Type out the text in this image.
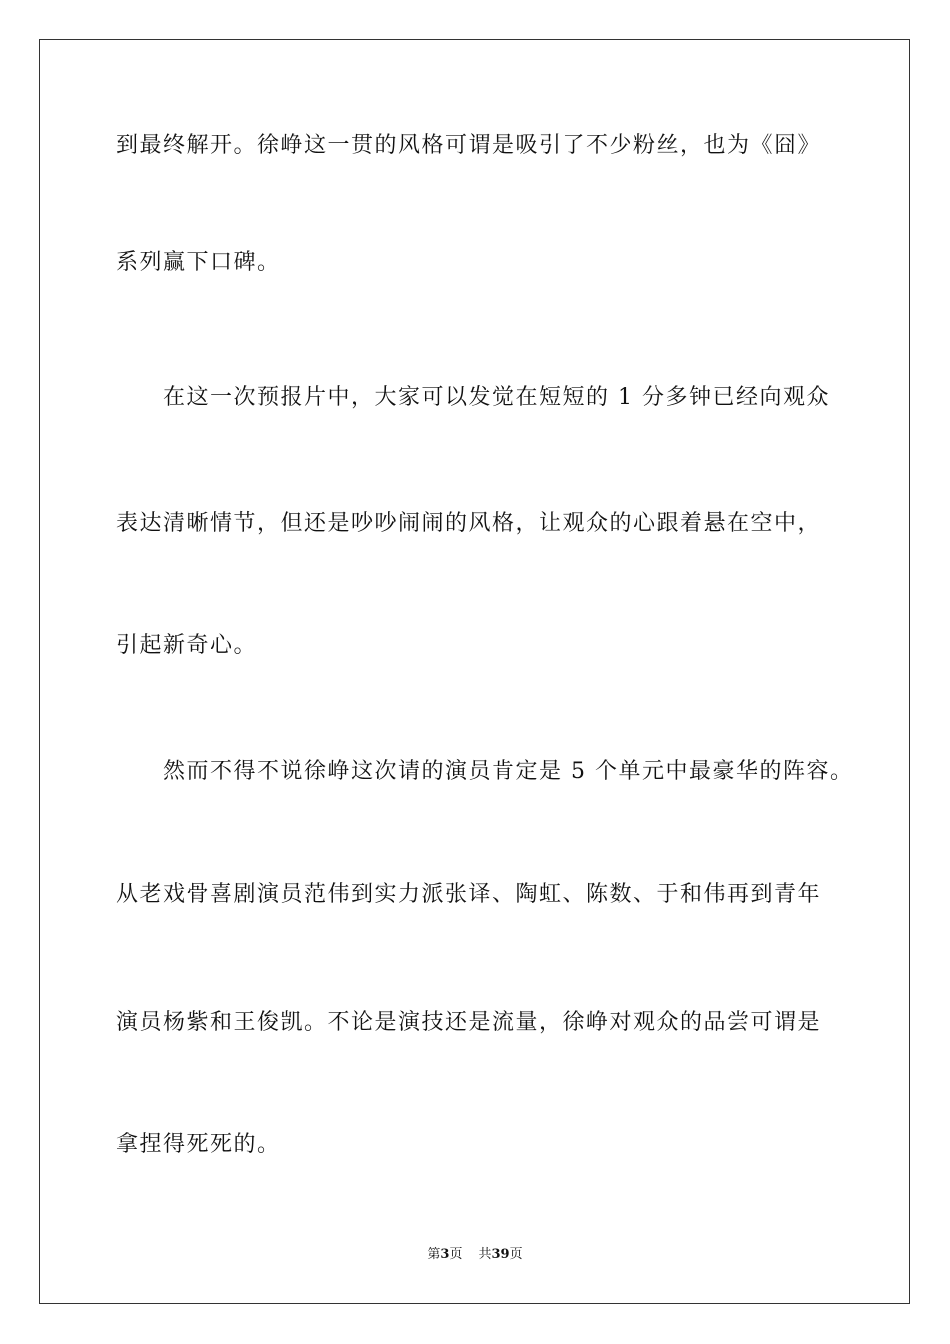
到最终解开。徐峥这一贯的风格可谓是吸引了不少粉丝，也为《囧》
系列赢下口碑。
　　在这一次预报片中，大家可以发觉在短短的 1 分多钟已经向观众
表达清晰情节，但还是吵吵闹闹的风格，让观众的心跟着悬在空中，
引起新奇心。
　　然而不得不说徐峥这次请的演员肯定是 5 个单元中最豪华的阵容。
从老戏骨喜剧演员范伟到实力派张译、陶虹、陈数、于和伟再到青年
演员杨紫和王俊凯。不论是演技还是流量，徐峥对观众的品尝可谓是
拿捏得死死的。
第3页 共39页
